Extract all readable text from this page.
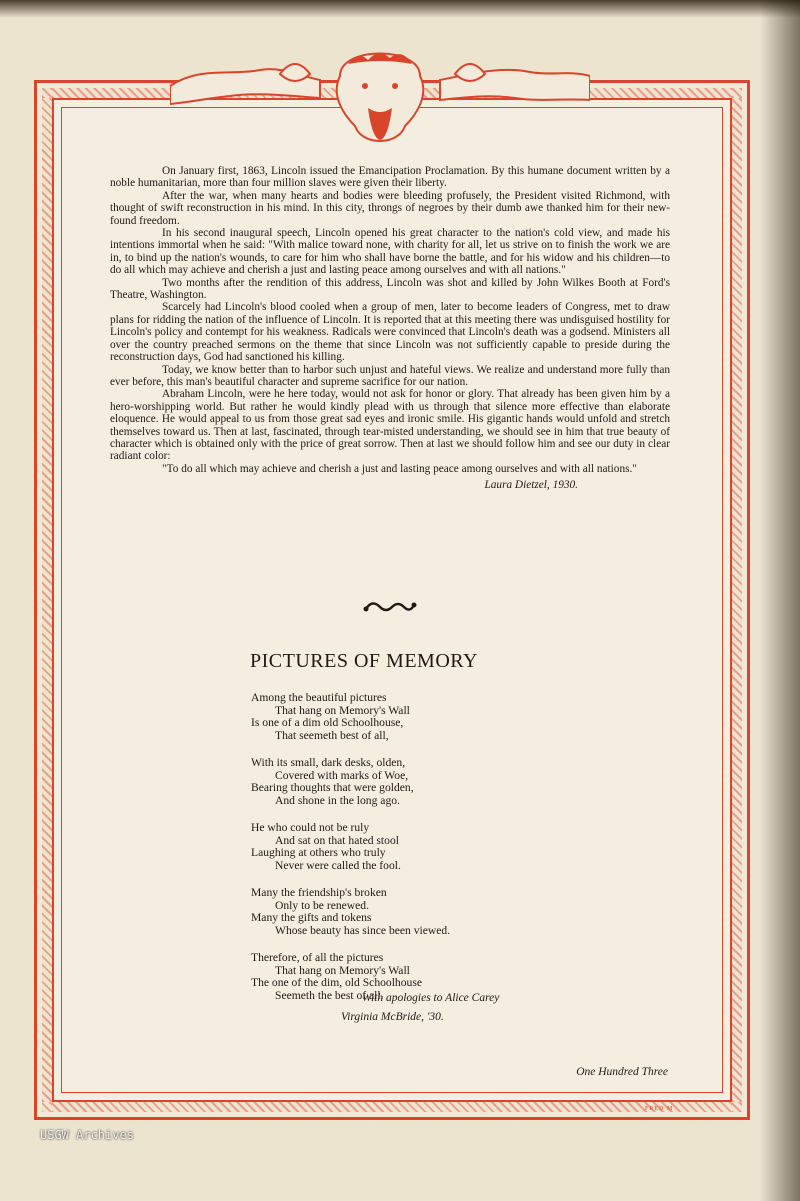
On January first, 1863, Lincoln issued the Emancipation Proclamation. By this humane document written by a noble humanitarian, more than four million slaves were given their liberty.

After the war, when many hearts and bodies were bleeding profusely, the President visited Richmond, with thought of swift reconstruction in his mind. In this city, throngs of negroes by their dumb awe thanked him for their new-found freedom.

In his second inaugural speech, Lincoln opened his great character to the nation's cold view, and made his intentions immortal when he said: "With malice toward none, with charity for all, let us strive on to finish the work we are in, to bind up the nation's wounds, to care for him who shall have borne the battle, and for his widow and his children—to do all which may achieve and cherish a just and lasting peace among ourselves and with all nations."

Two months after the rendition of this address, Lincoln was shot and killed by John Wilkes Booth at Ford's Theatre, Washington.

Scarcely had Lincoln's blood cooled when a group of men, later to become leaders of Congress, met to draw plans for ridding the nation of the influence of Lincoln. It is reported that at this meeting there was undisguised hostility for Lincoln's policy and contempt for his weakness. Radicals were convinced that Lincoln's death was a godsend. Ministers all over the country preached sermons on the theme that since Lincoln was not sufficiently capable to preside during the reconstruction days, God had sanctioned his killing.

Today, we know better than to harbor such unjust and hateful views. We realize and understand more fully than ever before, this man's beautiful character and supreme sacrifice for our nation.

Abraham Lincoln, were he here today, would not ask for honor or glory. That already has been given him by a hero-worshipping world. But rather he would kindly plead with us through that silence more effective than elaborate eloquence. He would appeal to us from those great sad eyes and ironic smile. His gigantic hands would unfold and stretch themselves toward us. Then at last, fascinated, through tear-misted understanding, we should see in him that true beauty of character which is obtained only with the price of great sorrow. Then at last we should follow him and see our duty in clear radiant color:

"To do all which may achieve and cherish a just and lasting peace among ourselves and with all nations."

Laura Dietzel, 1930.

PICTURES OF MEMORY
Among the beautiful pictures
That hang on Memory's Wall
Is one of a dim old Schoolhouse,
That seemeth best of all,
With its small, dark desks, olden,
Covered with marks of Woe,
Bearing thoughts that were golden,
And shone in the long ago.
He who could not be ruly
And sat on that hated stool
Laughing at others who truly
Never were called the fool.
Many the friendship's broken
Only to be renewed.
Many the gifts and tokens
Whose beauty has since been viewed.
Therefore, of all the pictures
That hang on Memory's Wall
The one of the dim, old Schoolhouse
Seemeth the best of all.
With apologies to Alice Carey
Virginia McBride, '30.
One Hundred Three
FRED M
USGW Archives
